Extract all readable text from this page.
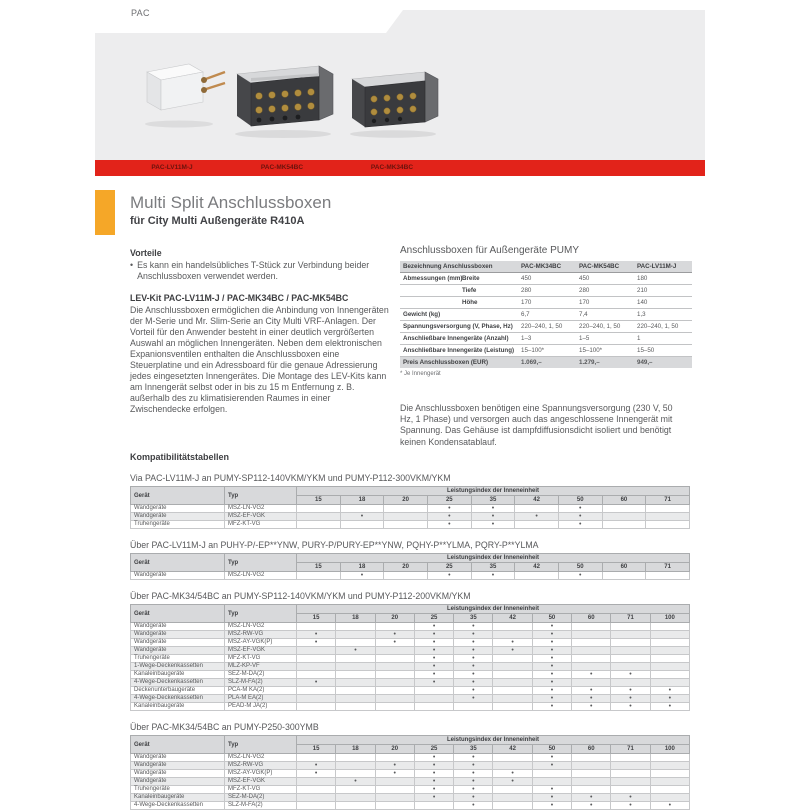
PAC
PAC-LV11M-J	PAC-MK54BC	PAC-MK34BC
Multi Split Anschlussboxen
für City Multi Außengeräte R410A
Vorteile
• Es kann ein handelsübliches T-Stück zur Verbindung beider Anschlussboxen verwendet werden.
LEV-Kit PAC-LV11M-J / PAC-MK34BC / PAC-MK54BC

Die Anschlussboxen ermöglichen die Anbindung von Innengeräten der M-Serie und Mr. Slim-Serie an City Multi VRF-Anlagen. Der Vorteil für den Anwender besteht in einer deutlich vergrößerten Auswahl an möglichen Innengeräten. Neben dem elektronischen Expanionsventilen enthalten die Anschlussboxen eine Steuerplatine und ein Adressboard für die genaue Adressierung jedes eingesetzten Innengerätes. Die Montage des LEV-Kits kann am Innengerät selbst oder in bis zu 15 m Entfernung z. B. außerhalb des zu klimatisierenden Raumes in einer Zwischendecke erfolgen.

Anschlussboxen für Außengeräte PUMY
Bezeichnung Anschlussboxen		PAC-MK34BC	PAC-MK54BC	PAC-LV11M-J
Abmessungen (mm)	Breite	450	450	180
	Tiefe	280	280	210
	Höhe	170	170	140
Gewicht (kg)		6,7	7,4	1,3
Spannungsversorgung (V, Phase, Hz)		220–240, 1, 50	220–240, 1, 50	220–240, 1, 50
Anschließbare Innengeräte (Anzahl)		1–3	1–5	1
Anschließbare Innengeräte (Leistung)		15–100*	15–100*	15–50
Preis Anschlussboxen (EUR)		1.069,–	1.279,–	949,–
* Je Innengerät

Die Anschlussboxen benötigen eine Spannungsversorgung (230 V, 50 Hz, 1 Phase) und versorgen auch das angeschlossene Innengerät mit Spannung. Das Gehäuse ist dampfdiffusionsdicht isoliert und benötigt keinen Kondensatablauf.

Kompatibilitätstabellen
Via PAC-LV11M-J an PUMY-SP112-140VKM/YKM und PUMY-P112-300VKM/YKM
Gerät	Typ	Leistungsindex der Inneneinheit								
		15	18	20	25	35	42	50	60	71
Wandgeräte	MSZ-LN-VG2				•	•		•		
Wandgeräte	MSZ-EF-VGK		•		•	•	•	•		
Truhengeräte	MFZ-KT-VG				•	•		•		
Über PAC-LV11M-J an PUHY-P/-EP**YNW, PURY-P/PURY-EP**YNW, PQHY-P**YLMA, PQRY-P**YLMA
Gerät	Typ	Leistungsindex der Inneneinheit								
		15	18	20	25	35	42	50	60	71
Wandgeräte	MSZ-LN-VG2		•		•	•		•		
Über PAC-MK34/54BC an PUMY-SP112-140VKM/YKM und PUMY-P112-200VKM/YKM
Gerät	Typ	Leistungsindex der Inneneinheit									
		15	18	20	25	35	42	50	60	71	100
Wandgeräte	MSZ-LN-VG2				•	•		•			
Wandgeräte	MSZ-RW-VG	•		•	•	•		•			
Wandgeräte	MSZ-AY-VGK(P)	•		•	•	•	•	•			
Wandgeräte	MSZ-EF-VGK		•		•	•	•	•			
Truhengeräte	MFZ-KT-VG				•	•		•			
1-Wege-Deckenkassetten	MLZ-KP-VF				•	•		•			
Kanaleinbaugeräte	SEZ-M-DA(2)				•	•		•	•	•	
4-Wege-Deckenkassetten	SLZ-M-FA(2)	•			•	•		•			
Deckenunterbaugeräte	PCA-M KA(2)					•		•	•	•	•
4-Wege-Deckenkassetten	PLA-M EA(2)					•		•	•	•	•
Kanaleinbaugeräte	PEAD-M JA(2)							•	•	•	•
Über PAC-MK34/54BC an PUMY-P250-300YMB
Gerät	Typ	Leistungsindex der Inneneinheit									
		15	18	20	25	35	42	50	60	71	100
Wandgeräte	MSZ-LN-VG2				•	•		•			
Wandgeräte	MSZ-RW-VG	•		•	•	•		•			
Wandgeräte	MSZ-AY-VGK(P)	•		•	•	•	•				
Wandgeräte	MSZ-EF-VGK		•		•	•	•				
Truhengeräte	MFZ-KT-VG				•	•		•			
Kanaleinbaugeräte	SEZ-M-DA(2)				•	•		•	•	•	
4-Wege-Deckenkassetten	SLZ-M-FA(2)					•		•	•	•	•
